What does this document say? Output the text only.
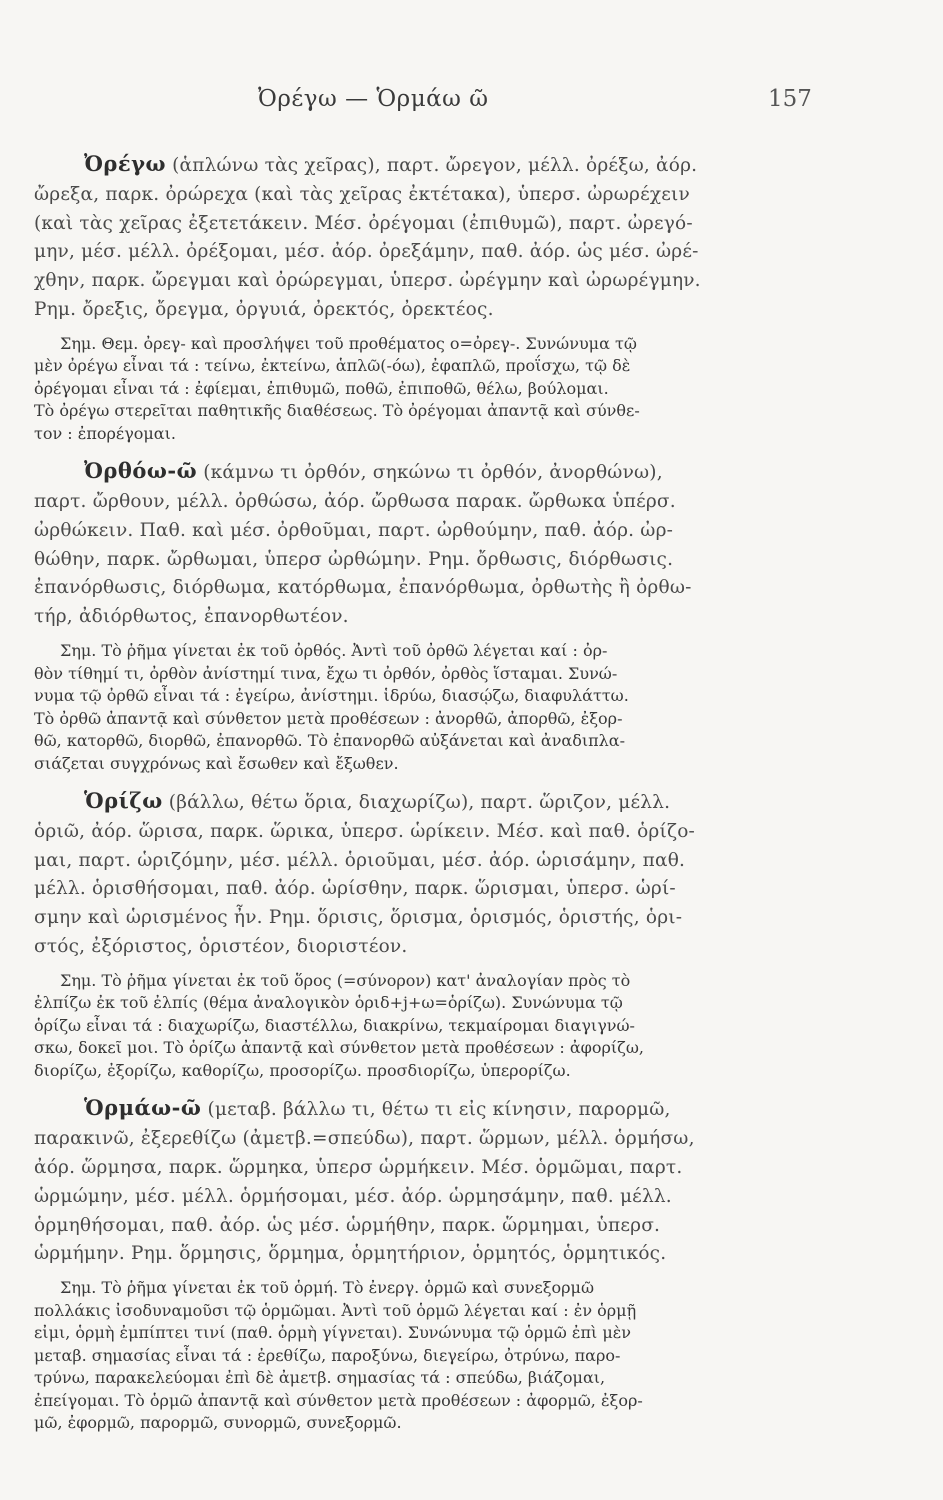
Ὀρέγω — Ὁρμάω ῶ	157

Ὀρέγω (ἁπλώνω τὰς χεῖρας), παρτ. ὤρεγον, μέλλ. ὀρέξω, ἀόρ.

ὤρεξα, παρκ. ὀρώρεχα (καὶ τὰς χεῖρας ἐκτέτακα), ὑπερσ. ὠρωρέχειν

(καὶ τὰς χεῖρας ἐξετετάκειν. Μέσ. ὀρέγομαι (ἐπιθυμῶ), παρτ. ὠρεγό-

μην, μέσ. μέλλ. ὀρέξομαι, μέσ. ἀόρ. ὀρεξάμην, παθ. ἀόρ. ὡς μέσ. ὠρέ-

χθην, παρκ. ὤρεγμαι καὶ ὀρώρεγμαι, ὑπερσ. ὠρέγμην καὶ ὠρωρέγμην.

Ρημ. ὄρεξις, ὄρεγμα, ὀργυιά, ὀρεκτός, ὀρεκτέος.

Σημ. Θεμ. ὀρεγ- καὶ προσλήψει τοῦ προθέματος ο=ὀρεγ-. Συνώνυμα τῷ

μὲν ὀρέγω εἶναι τά : τείνω, ἐκτείνω, ἁπλῶ(-όω), ἐφαπλῶ, προΐσχω, τῷ δὲ

ὀρέγομαι εἶναι τά : ἐφίεμαι, ἐπιθυμῶ, ποθῶ, ἐπιποθῶ, θέλω, βούλομαι.

Τὸ ὀρέγω στερεῖται παθητικῆς διαθέσεως. Τὸ ὀρέγομαι ἀπαντᾷ καὶ σύνθε-

τον : ἐπορέγομαι.

Ὀρθόω-ῶ (κάμνω τι ὀρθόν, σηκώνω τι ὀρθόν, ἀνορθώνω),

παρτ. ὤρθουν, μέλλ. ὀρθώσω, ἀόρ. ὤρθωσα παρακ. ὤρθωκα ὑπέρσ.

ὠρθώκειν. Παθ. καὶ μέσ. ὀρθοῦμαι, παρτ. ὠρθούμην, παθ. ἀόρ. ὠρ-

θώθην, παρκ. ὤρθωμαι, ὑπερσ ὠρθώμην. Ρημ. ὄρθωσις, διόρθωσις.

ἐπανόρθωσις, διόρθωμα, κατόρθωμα, ἐπανόρθωμα, ὀρθωτὴς ἢ ὀρθω-

τήρ, ἀδιόρθωτος, ἐπανορθωτέον.

Σημ. Τὸ ῥῆμα γίνεται ἐκ τοῦ ὀρθός. Ἀντὶ τοῦ ὀρθῶ λέγεται καί : ὀρ-

θὸν τίθημί τι, ὀρθὸν ἀνίστημί τινα, ἔχω τι ὀρθόν, ὀρθὸς ἵσταμαι. Συνώ-

νυμα τῷ ὀρθῶ εἶναι τά : ἐγείρω, ἀνίστημι. ἱδρύω, διασῴζω, διαφυλάττω.

Τὸ ὀρθῶ ἀπαντᾷ καὶ σύνθετον μετὰ προθέσεων : ἀνορθῶ, ἀπορθῶ, ἐξορ-

θῶ, κατορθῶ, διορθῶ, ἐπανορθῶ. Τὸ ἐπανορθῶ αὐξάνεται καὶ ἀναδιπλα-

σιάζεται συγχρόνως καὶ ἔσωθεν καὶ ἔξωθεν.

Ὁρίζω (βάλλω, θέτω ὅρια, διαχωρίζω), παρτ. ὥριζον, μέλλ.

ὁριῶ, ἀόρ. ὥρισα, παρκ. ὥρικα, ὑπερσ. ὡρίκειν. Μέσ. καὶ παθ. ὁρίζο-

μαι, παρτ. ὡριζόμην, μέσ. μέλλ. ὁριοῦμαι, μέσ. ἀόρ. ὡρισάμην, παθ.

μέλλ. ὁρισθήσομαι, παθ. ἀόρ. ὡρίσθην, παρκ. ὥρισμαι, ὑπερσ. ὡρί-

σμην καὶ ὡρισμένος ἦν. Ρημ. ὅρισις, ὅρισμα, ὁρισμός, ὁριστής, ὁρι-

στός, ἐξόριστος, ὁριστέον, διοριστέον.

Σημ. Τὸ ῥῆμα γίνεται ἐκ τοῦ ὅρος (=σύνορον) κατ' ἀναλογίαν πρὸς τὸ

ἐλπίζω ἐκ τοῦ ἐλπίς (θέμα ἀναλογικὸν ὁριδ+j+ω=ὁρίζω). Συνώνυμα τῷ

ὁρίζω εἶναι τά : διαχωρίζω, διαστέλλω, διακρίνω, τεκμαίρομαι διαγιγνώ-

σκω, δοκεῖ μοι. Τὸ ὁρίζω ἀπαντᾷ καὶ σύνθετον μετὰ προθέσεων : ἀφορίζω,

διορίζω, ἐξορίζω, καθορίζω, προσορίζω. προσδιορίζω, ὑπερορίζω.

Ὁρμάω-ῶ (μεταβ. βάλλω τι, θέτω τι εἰς κίνησιν, παρορμῶ,

παρακινῶ, ἐξερεθίζω (ἀμετβ.=σπεύδω), παρτ. ὥρμων, μέλλ. ὁρμήσω,

ἀόρ. ὥρμησα, παρκ. ὥρμηκα, ὑπερσ ὡρμήκειν. Μέσ. ὁρμῶμαι, παρτ.

ὡρμώμην, μέσ. μέλλ. ὁρμήσομαι, μέσ. ἀόρ. ὡρμησάμην, παθ. μέλλ.

ὁρμηθήσομαι, παθ. ἀόρ. ὡς μέσ. ὡρμήθην, παρκ. ὥρμημαι, ὑπερσ.

ὡρμήμην. Ρημ. ὅρμησις, ὅρμημα, ὁρμητήριον, ὁρμητός, ὁρμητικός.

Σημ. Τὸ ῥῆμα γίνεται ἐκ τοῦ ὁρμή. Τὸ ἐνεργ. ὁρμῶ καὶ συνεξορμῶ

πολλάκις ἰσοδυναμοῦσι τῷ ὁρμῶμαι. Ἀντὶ τοῦ ὁρμῶ λέγεται καί : ἐν ὁρμῇ

εἰμι, ὁρμὴ ἐμπίπτει τινί (παθ. ὁρμὴ γίγνεται). Συνώνυμα τῷ ὁρμῶ ἐπὶ μὲν

μεταβ. σημασίας εἶναι τά : ἐρεθίζω, παροξύνω, διεγείρω, ὀτρύνω, παρο-

τρύνω, παρακελεύομαι ἐπὶ δὲ ἀμετβ. σημασίας τά : σπεύδω, βιάζομαι,

ἐπείγομαι. Τὸ ὁρμῶ ἀπαντᾷ καὶ σύνθετον μετὰ προθέσεων : ἀφορμῶ, ἐξορ-

μῶ, ἐφορμῶ, παρορμῶ, συνορμῶ, συνεξορμῶ.
